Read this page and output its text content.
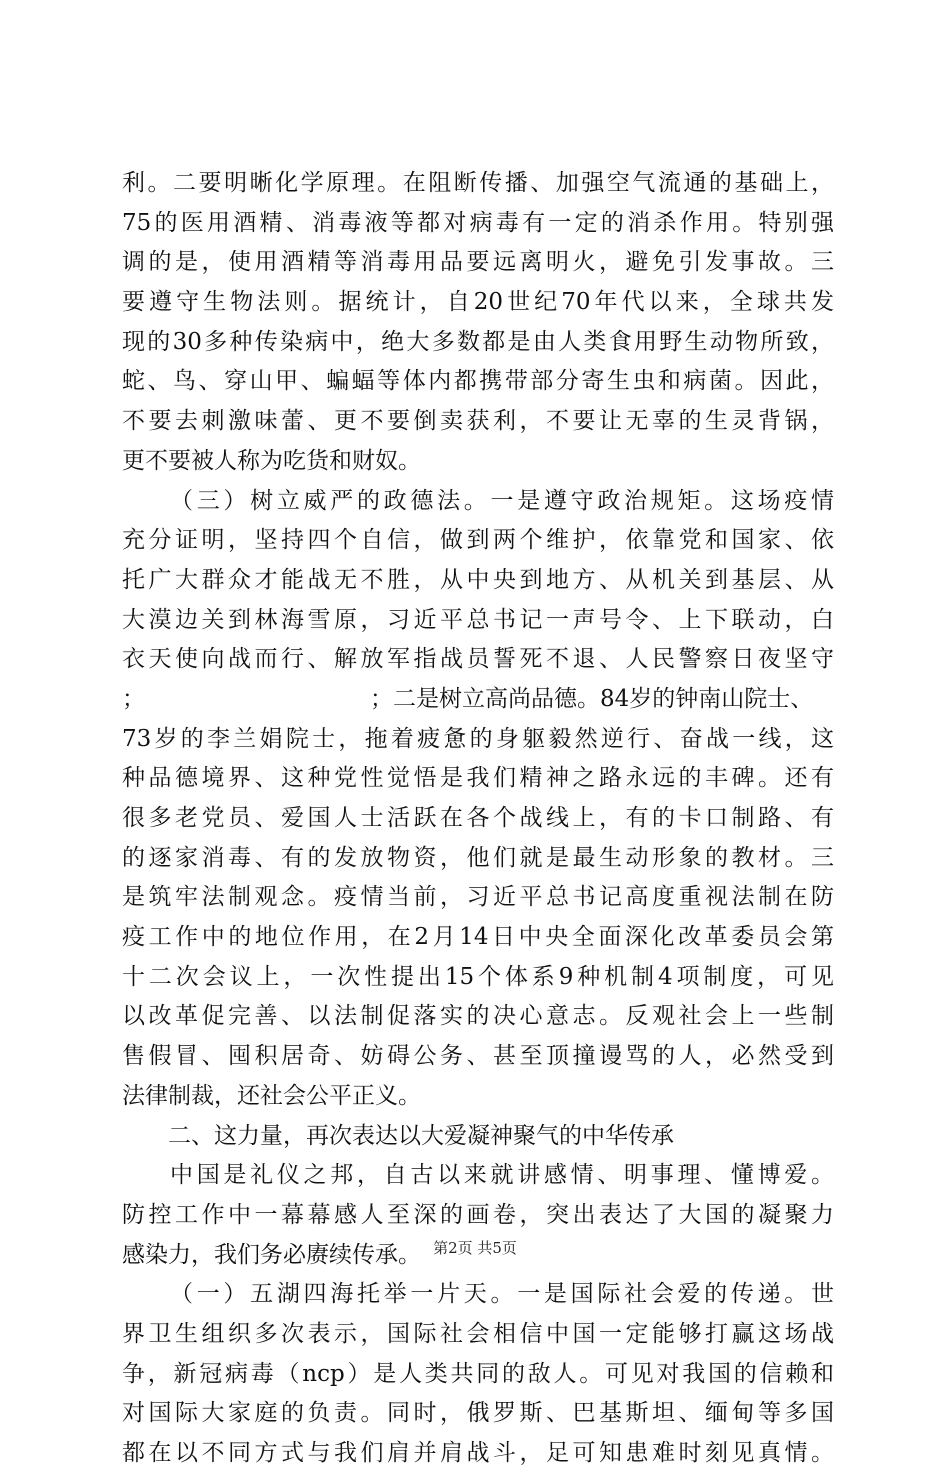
利。二要明晰化学原理。在阻断传播、加强空气流通的基础上，
75的医用酒精、消毒液等都对病毒有一定的消杀作用。特别强
调的是，使用酒精等消毒用品要远离明火，避免引发事故。三
要遵守生物法则。据统计，自20世纪70年代以来，全球共发
现的30多种传染病中，绝大多数都是由人类食用野生动物所致，
蛇、鸟、穿山甲、蝙蝠等体内都携带部分寄生虫和病菌。因此，
不要去刺激味蕾、更不要倒卖获利，不要让无辜的生灵背锅，
更不要被人称为吃货和财奴。
（三）树立威严的政德法。一是遵守政治规矩。这场疫情
充分证明，坚持四个自信，做到两个维护，依靠党和国家、依
托广大群众才能战无不胜，从中央到地方、从机关到基层、从
大漠边关到林海雪原，习近平总书记一声号令、上下联动，白
衣天使向战而行、解放军指战员誓死不退、人民警察日夜坚守
；	；二是树立高尚品德。84岁的钟南山院士、
73岁的李兰娟院士，拖着疲惫的身躯毅然逆行、奋战一线，这
种品德境界、这种党性觉悟是我们精神之路永远的丰碑。还有
很多老党员、爱国人士活跃在各个战线上，有的卡口制路、有
的逐家消毒、有的发放物资，他们就是最生动形象的教材。三
是筑牢法制观念。疫情当前，习近平总书记高度重视法制在防
疫工作中的地位作用，在2月14日中央全面深化改革委员会第
十二次会议上，一次性提出15个体系9种机制4项制度，可见
以改革促完善、以法制促落实的决心意志。反观社会上一些制
售假冒、囤积居奇、妨碍公务、甚至顶撞谩骂的人，必然受到
法律制裁，还社会公平正义。
二、这力量，再次表达以大爱凝神聚气的中华传承
中国是礼仪之邦，自古以来就讲感情、明事理、懂博爱。
防控工作中一幕幕感人至深的画卷，突出表达了大国的凝聚力
感染力，我们务必赓续传承。
（一）五湖四海托举一片天。一是国际社会爱的传递。世
界卫生组织多次表示，国际社会相信中国一定能够打赢这场战
争，新冠病毒（ncp）是人类共同的敌人。可见对我国的信赖和
对国际大家庭的负责。同时，俄罗斯、巴基斯坦、缅甸等多国
都在以不同方式与我们肩并肩战斗，足可知患难时刻见真情。
第2页 共5页
